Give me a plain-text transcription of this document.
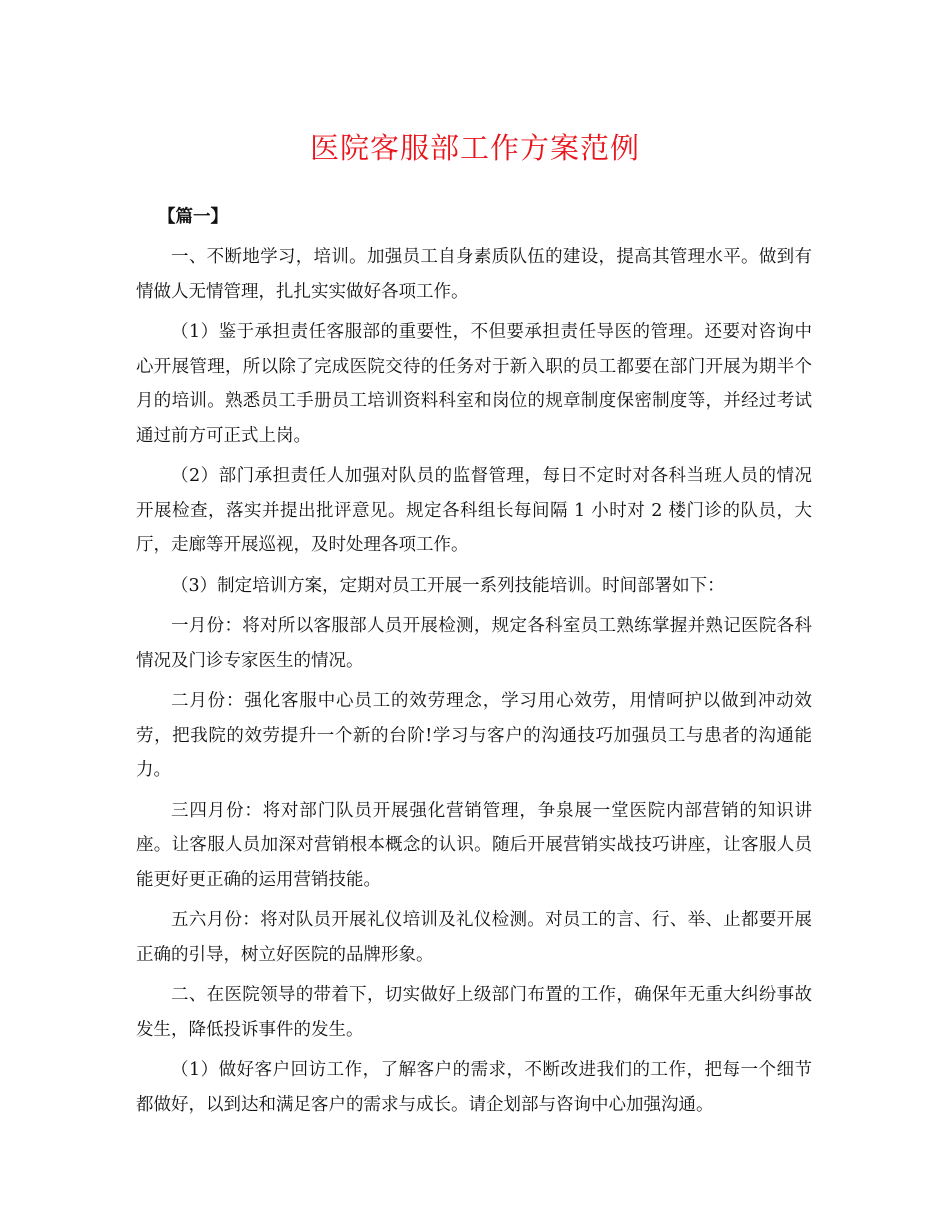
医院客服部工作方案范例
【篇一】

一、不断地学习，培训。加强员工自身素质队伍的建设，提高其管理水平。做到有情做人无情管理，扎扎实实做好各项工作。

（1）鉴于承担责任客服部的重要性，不但要承担责任导医的管理。还要对咨询中心开展管理，所以除了完成医院交待的任务对于新入职的员工都要在部门开展为期半个月的培训。熟悉员工手册员工培训资料科室和岗位的规章制度保密制度等，并经过考试通过前方可正式上岗。

（2）部门承担责任人加强对队员的监督管理，每日不定时对各科当班人员的情况开展检查，落实并提出批评意见。规定各科组长每间隔 1 小时对 2 楼门诊的队员，大厅，走廊等开展巡视，及时处理各项工作。

（3）制定培训方案，定期对员工开展一系列技能培训。时间部署如下：

一月份：将对所以客服部人员开展检测，规定各科室员工熟练掌握并熟记医院各科情况及门诊专家医生的情况。

二月份：强化客服中心员工的效劳理念，学习用心效劳，用情呵护以做到冲动效劳，把我院的效劳提升一个新的台阶!学习与客户的沟通技巧加强员工与患者的沟通能力。

三四月份：将对部门队员开展强化营销管理，争泉展一堂医院内部营销的知识讲座。让客服人员加深对营销根本概念的认识。随后开展营销实战技巧讲座，让客服人员能更好更正确的运用营销技能。

五六月份：将对队员开展礼仪培训及礼仪检测。对员工的言、行、举、止都要开展正确的引导，树立好医院的品牌形象。

二、在医院领导的带着下，切实做好上级部门布置的工作，确保年无重大纠纷事故发生，降低投诉事件的发生。

（1）做好客户回访工作，了解客户的需求，不断改进我们的工作，把每一个细节都做好，以到达和满足客户的需求与成长。请企划部与咨询中心加强沟通。
